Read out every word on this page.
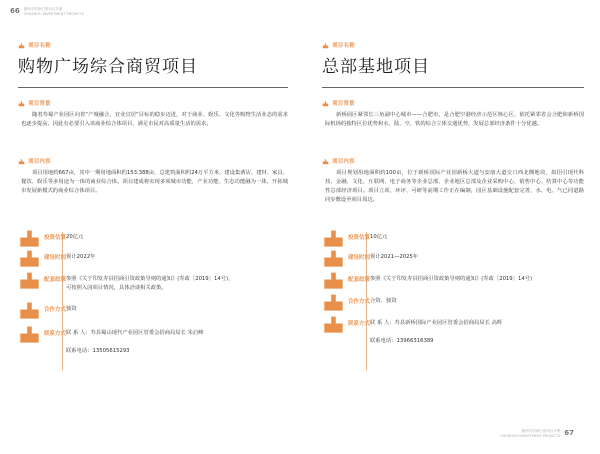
66 滁州市招商引资项目手册
CHUZHOU INVESTMENT PROJECTS
滁州市招商引资项目手册
CHUZHOU INVESTMENT PROJECTS 67
项目名称
购物广场综合商贸项目
项目背景

随着寿蜀产业园区向着“产城融合，宜业宜居”目标的稳步迈进，对于商业、娱乐、文化等购物生活业态的需求也逐步提高，因此有必要引入该商业综合体项目，满足市民对高质量生活的需求。

项目内容

项目用地约667亩，其中一期用地面积约153.388亩，总建筑面积约24万平方米，建设集酒店、建材、家具、餐饮、娱乐等多用途为一体的商业综合体。项目建成将实现多项城市功能，产业功能、生态功能融为一体，开拓城市发展新模式的商业综合体项目。

投资估算 20亿元
建设时间 预计2022年
配套政策 参照《关于印发寿县招商引资政策导则的通知》(寿政〔2019〕14号)，
可按照入园项目情况，具体洽谈相关政策。
合作方式 独资
联系方式 联 系 人：寿县蜀山现代产业园区管委会招商局局长 朱启峰
联系电话：13505615293
项目名称
总部基地项目
项目背景

新桥园区紧邻长三角副中心城市——合肥市，是合肥空港经济示范区核心区，依托紧邻省会合肥和新桥国际机场的独特区位优势和水、陆、空、铁的综合立体交通优势，发展总部经济条件十分优越。

项目内容

项目规划用地面积约100亩，位于新桥国际产业园新桥大道与安康大道交口西北侧地块，拟招引现代科技、金融、文化、互联网、电子商务等企业总部、企业地区总部及企业采购中心、销售中心、结算中心等功能性总部经济项目。项目立项、环评、可研等前期工作正在编制，园区基础设施配套完善，水、电、气已同道路同步敷设至项目周边。

投资估算 10亿元
建设时间 预计2021—2025年
配套政策 参照《关于印发寿县招商引资政策导则的通知》(寿政〔2019〕14号)
合作方式 合资、独资
联系方式 联 系 人：寿县新桥国际产业园区管委会招商局局长 高辉
联系电话：13966316389
